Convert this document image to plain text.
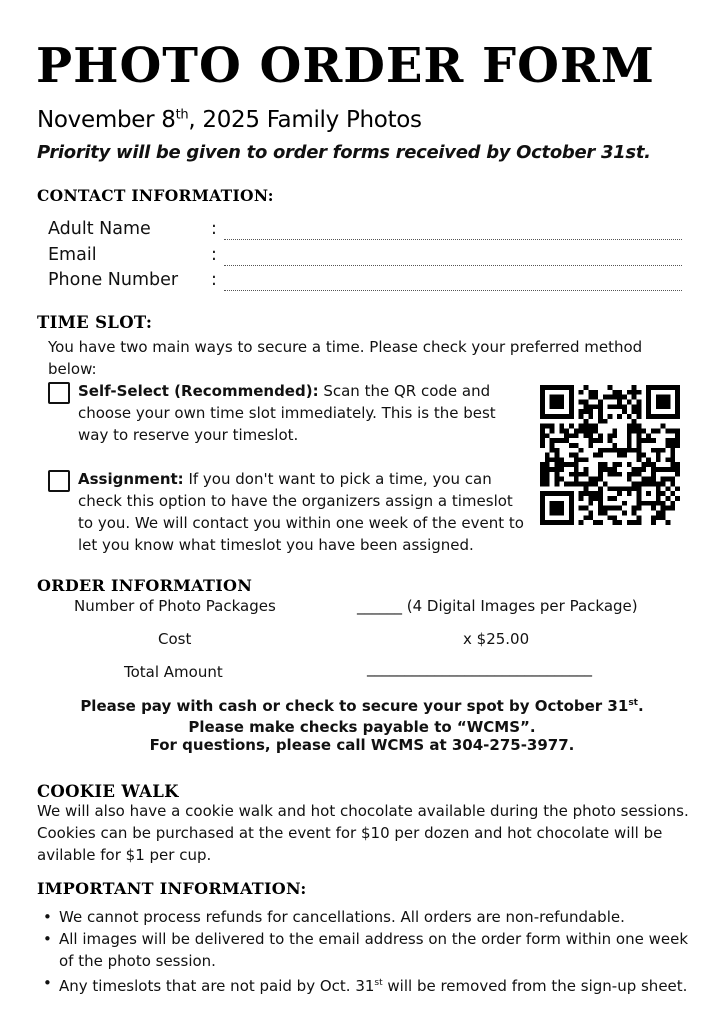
PHOTO ORDER FORM
November 8th, 2025 Family Photos
Priority will be given to order forms received by October 31st.
CONTACT INFORMATION:
Adult Name	:
Email	:
Phone Number :
TIME SLOT:
You have two main ways to secure a time. Please check your preferred method below:
Self-Select (Recommended): Scan the QR code and choose your own time slot immediately. This is the best way to reserve your timeslot.
Assignment: If you don't want to pick a time, you can check this option to have the organizers assign a timeslot to you. We will contact you within one week of the event to let you know what timeslot you have been assigned.
ORDER INFORMATION
Number of Photo Packages	______ (4 Digital Images per Package)
Cost	x $25.00
Total Amount	______________________________
Please pay with cash or check to secure your spot by October 31st. Please make checks payable to “WCMS”.
For questions, please call WCMS at 304-275-3977.
COOKIE WALK
We will also have a cookie walk and hot chocolate available during the photo sessions. Cookies can be purchased at the event for $10 per dozen and hot chocolate will be avilable for $1 per cup.
IMPORTANT INFORMATION:
• We cannot process refunds for cancellations. All orders are non-refundable.
• All images will be delivered to the email address on the order form within one week of the photo session.
• Any timeslots that are not paid by Oct. 31st will be removed from the sign-up sheet.
